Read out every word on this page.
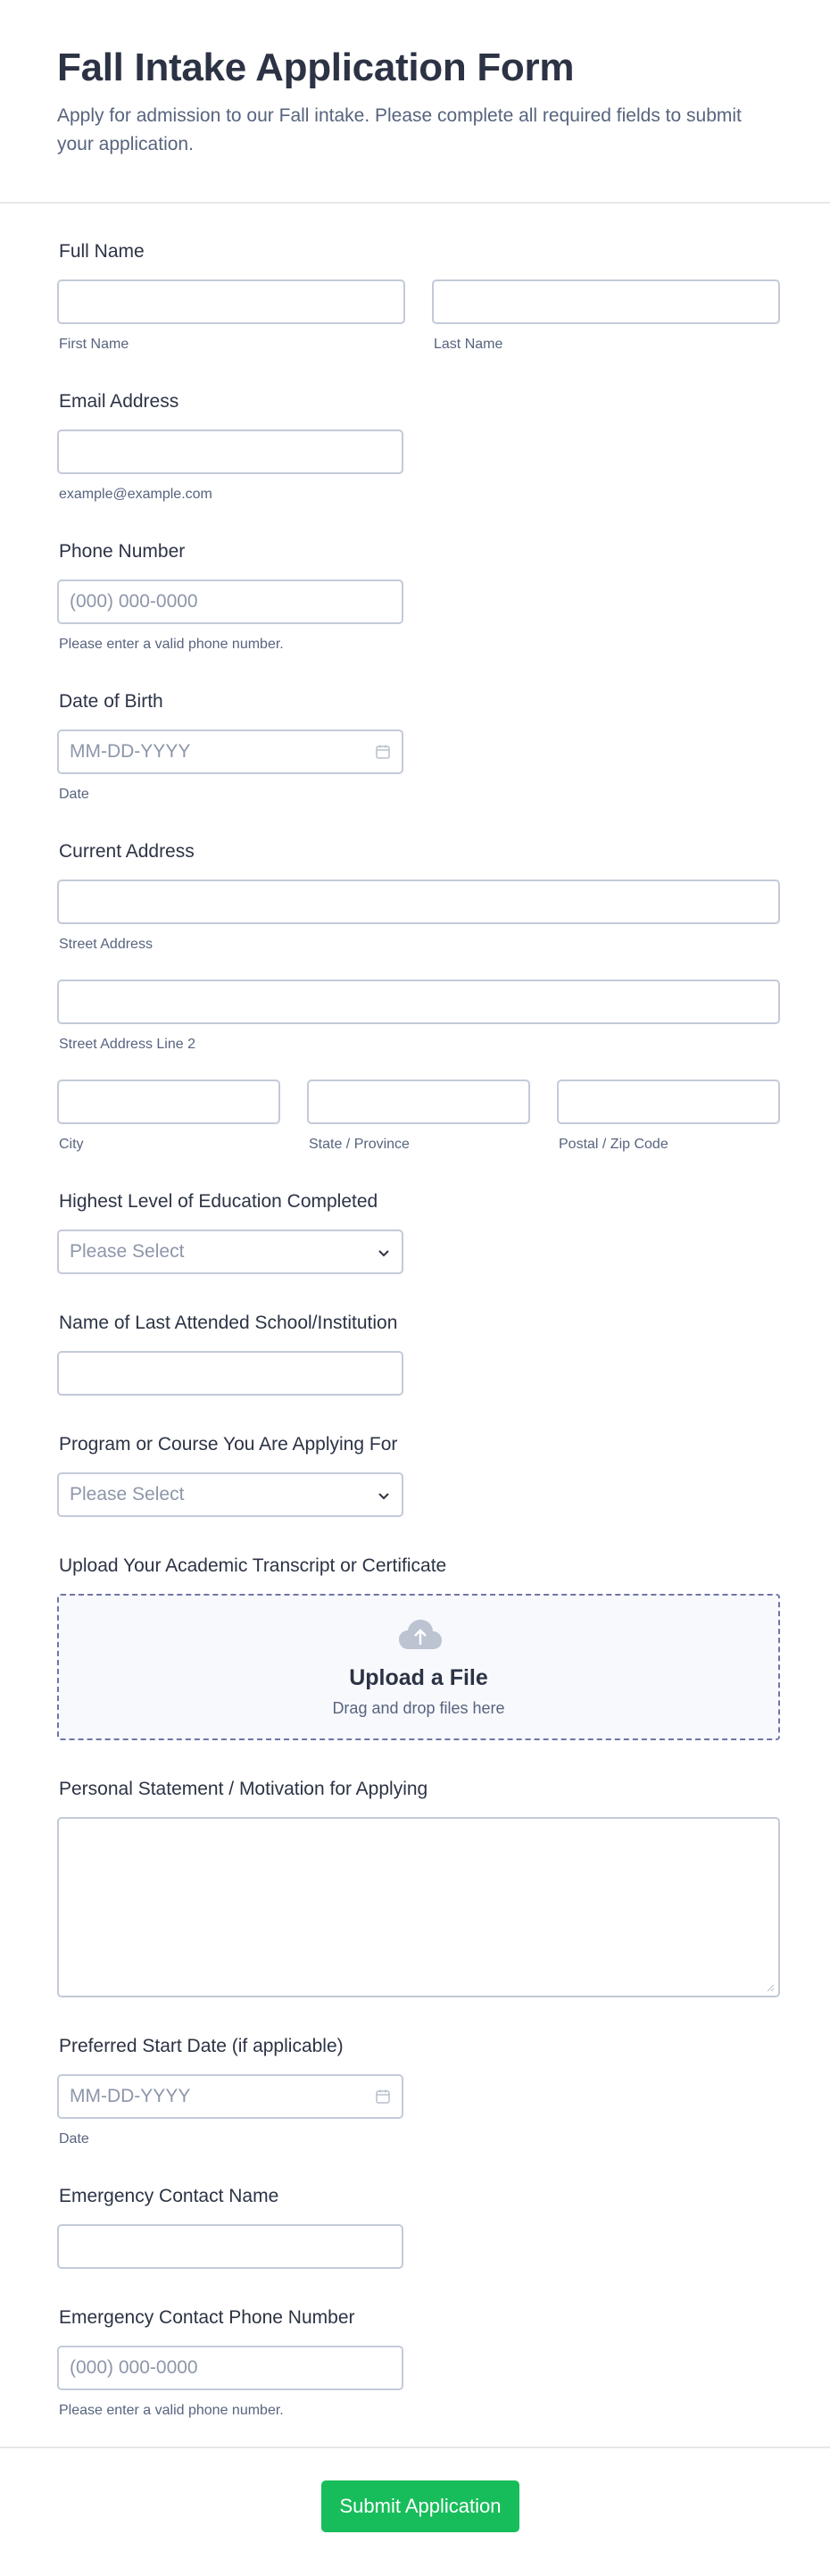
Fall Intake Application Form

Apply for admission to our Fall intake. Please complete all required fields to submit your application.

Full Name
First Name	Last Name
Email Address
example@example.com
Phone Number
(000) 000-0000
Please enter a valid phone number.
Date of Birth
MM-DD-YYYY
Date
Current Address
Street Address
Street Address Line 2
City	State / Province	Postal / Zip Code
Highest Level of Education Completed
Please Select
Name of Last Attended School/Institution
Program or Course You Are Applying For
Please Select
Upload Your Academic Transcript or Certificate
Upload a File
Drag and drop files here
Personal Statement / Motivation for Applying
Preferred Start Date (if applicable)
MM-DD-YYYY
Date
Emergency Contact Name
Emergency Contact Phone Number
(000) 000-0000
Please enter a valid phone number.
Submit Application
